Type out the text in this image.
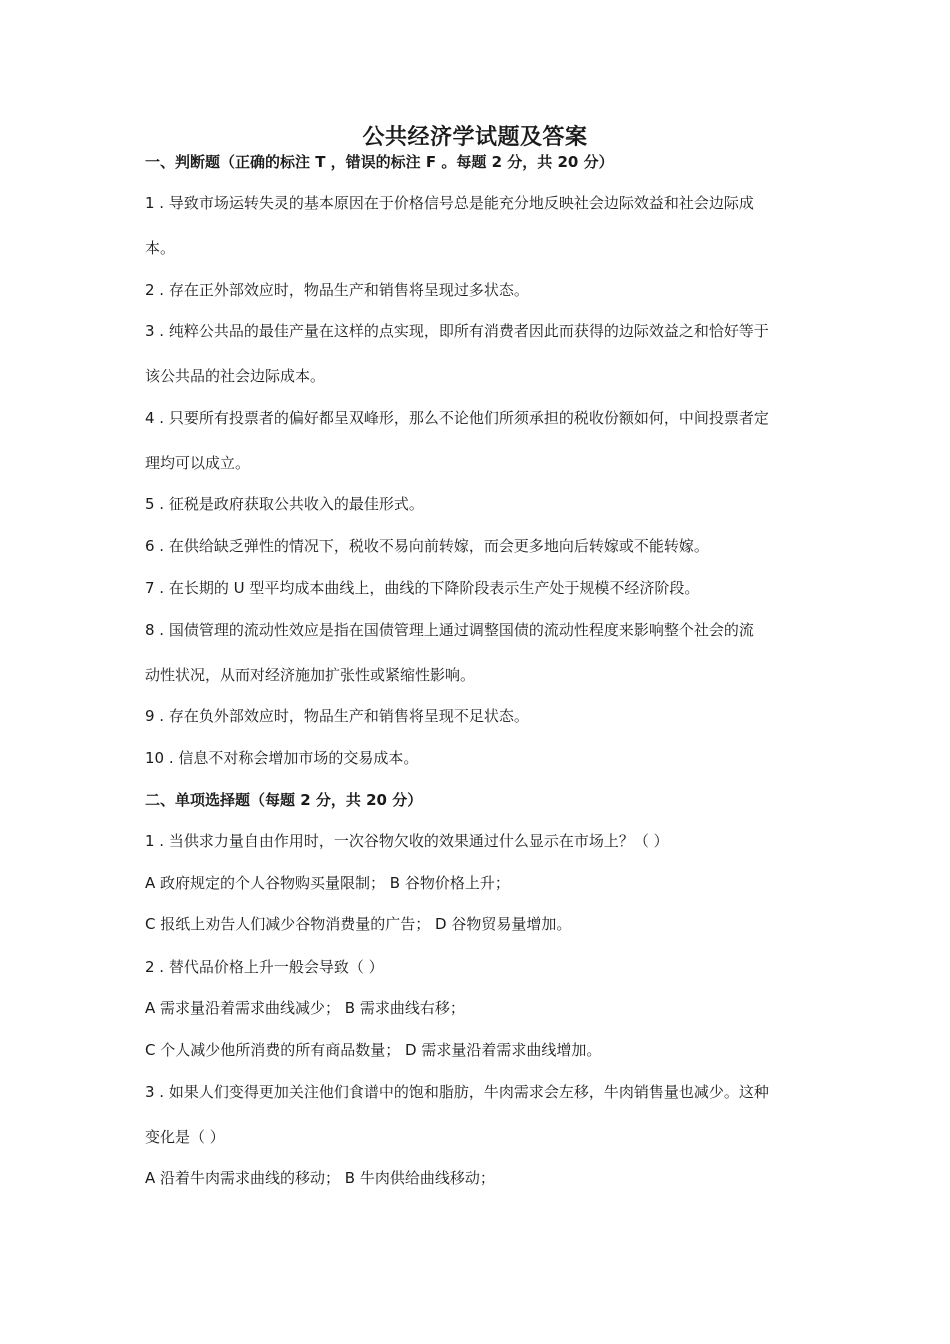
公共经济学试题及答案
一、判断题（正确的标注 T ，错误的标注 F 。每题 2 分，共 20 分）
1 . 导致市场运转失灵的基本原因在于价格信号总是能充分地反映社会边际效益和社会边际成
本。
2 . 存在正外部效应时，物品生产和销售将呈现过多状态。
3 . 纯粹公共品的最佳产量在这样的点实现，即所有消费者因此而获得的边际效益之和恰好等于
该公共品的社会边际成本。
4 . 只要所有投票者的偏好都呈双峰形，那么不论他们所须承担的税收份额如何，中间投票者定
理均可以成立。
5 . 征税是政府获取公共收入的最佳形式。
6 . 在供给缺乏弹性的情况下，税收不易向前转嫁，而会更多地向后转嫁或不能转嫁。
7 . 在长期的 U 型平均成本曲线上，曲线的下降阶段表示生产处于规模不经济阶段。
8 . 国债管理的流动性效应是指在国债管理上通过调整国债的流动性程度来影响整个社会的流
动性状况，从而对经济施加扩张性或紧缩性影响。
9 . 存在负外部效应时，物品生产和销售将呈现不足状态。
10 . 信息不对称会增加市场的交易成本。
二、单项选择题（每题 2 分，共 20 分）
1 . 当供求力量自由作用时，一次谷物欠收的效果通过什么显示在市场上？（ ）
A 政府规定的个人谷物购买量限制； B 谷物价格上升；
C 报纸上劝告人们减少谷物消费量的广告； D 谷物贸易量增加。
2 . 替代品价格上升一般会导致（ ）
A 需求量沿着需求曲线减少； B 需求曲线右移；
C 个人减少他所消费的所有商品数量； D 需求量沿着需求曲线增加。
3 . 如果人们变得更加关注他们食谱中的饱和脂肪，牛肉需求会左移，牛肉销售量也减少。这种
变化是（ ）
A 沿着牛肉需求曲线的移动； B 牛肉供给曲线移动；
